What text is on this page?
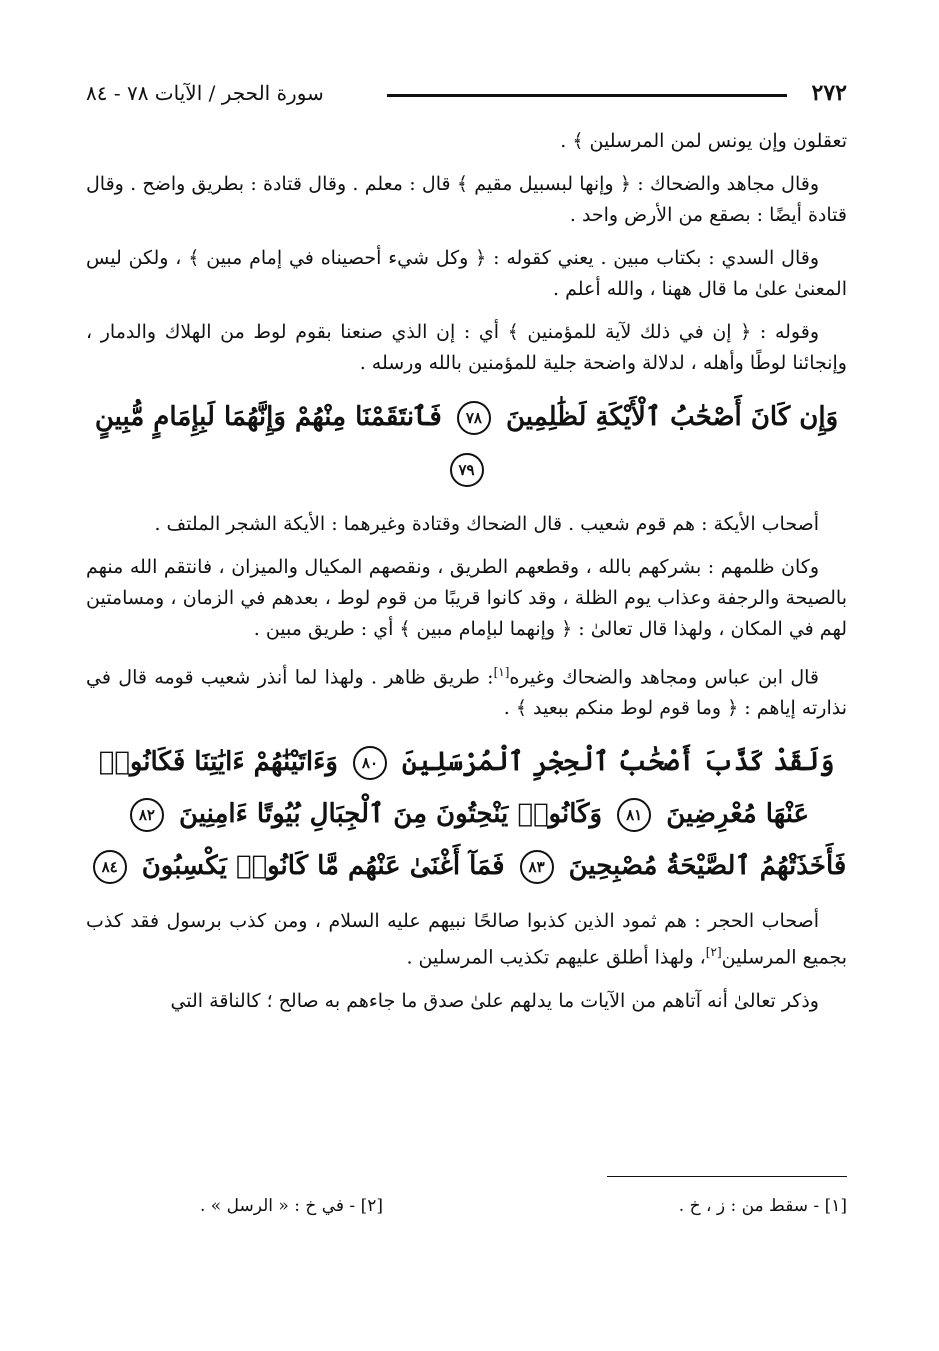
٢٧٢
سورة الحجر / الآيات ٧٨ - ٨٤

تعقلون وإن يونس لمن المرسلين ﴾ .

وقال مجاهد والضحاك : ﴿ وإنها لبسبيل مقيم ﴾ قال : معلم . وقال قتادة : بطريق واضح . وقال قتادة أيضًا : بصقع من الأرض واحد .

وقال السدي : بكتاب مبين . يعني كقوله : ﴿ وكل شيء أحصيناه في إمام مبين ﴾ ، ولكن ليس المعنىٰ علىٰ ما قال ههنا ، والله أعلم .

وقوله : ﴿ إن في ذلك لآية للمؤمنين ﴾ أي : إن الذي صنعنا بقوم لوط من الهلاك والدمار ، وإنجائنا لوطًا وأهله ، لدلالة واضحة جلية للمؤمنين بالله ورسله .

وَإِن كَانَ أَصْحَٰبُ ٱلْأَيْكَةِ لَظَٰلِمِينَ ٧٨ فَٱنتَقَمْنَا مِنْهُمْ وَإِنَّهُمَا لَبِإِمَامٍ مُّبِينٍ ٧٩

أصحاب الأيكة : هم قوم شعيب . قال الضحاك وقتادة وغيرهما : الأيكة الشجر الملتف .

وكان ظلمهم : بشركهم بالله ، وقطعهم الطريق ، ونقصهم المكيال والميزان ، فانتقم الله منهم بالصيحة والرجفة وعذاب يوم الظلة ، وقد كانوا قريبًا من قوم لوط ، بعدهم في الزمان ، ومسامتين لهم في المكان ، ولهذا قال تعالىٰ : ﴿ وإنهما لبإمام مبين ﴾ أي : طريق مبين .

قال ابن عباس ومجاهد والضحاك وغيره[١]: طريق ظاهر . ولهذا لما أنذر شعيب قومه قال في نذارته إياهم : ﴿ وما قوم لوط منكم ببعيد ﴾ .

وَلَقَدْ كَذَّبَ أَصْحَٰبُ ٱلْحِجْرِ ٱلْمُرْسَلِينَ ٨٠ وَءَاتَيْنَٰهُمْ ءَايَٰتِنَا فَكَانُوا۟ عَنْهَا مُعْرِضِينَ ٨١ وَكَانُوا۟ يَنْحِتُونَ مِنَ ٱلْجِبَالِ بُيُوتًا ءَامِنِينَ ٨٢ فَأَخَذَتْهُمُ ٱلصَّيْحَةُ مُصْبِحِينَ ٨٣ فَمَآ أَغْنَىٰ عَنْهُم مَّا كَانُوا۟ يَكْسِبُونَ ٨٤

أصحاب الحجر : هم ثمود الذين كذبوا صالحًا نبيهم عليه السلام ، ومن كذب برسول فقد كذب بجميع المرسلين[٢]، ولهذا أطلق عليهم تكذيب المرسلين .

وذكر تعالىٰ أنه آتاهم من الآيات ما يدلهم علىٰ صدق ما جاءهم به صالح ؛ كالناقة التي

[١] - سقط من : ز ، خ .
[٢] - في خ : « الرسل » .
